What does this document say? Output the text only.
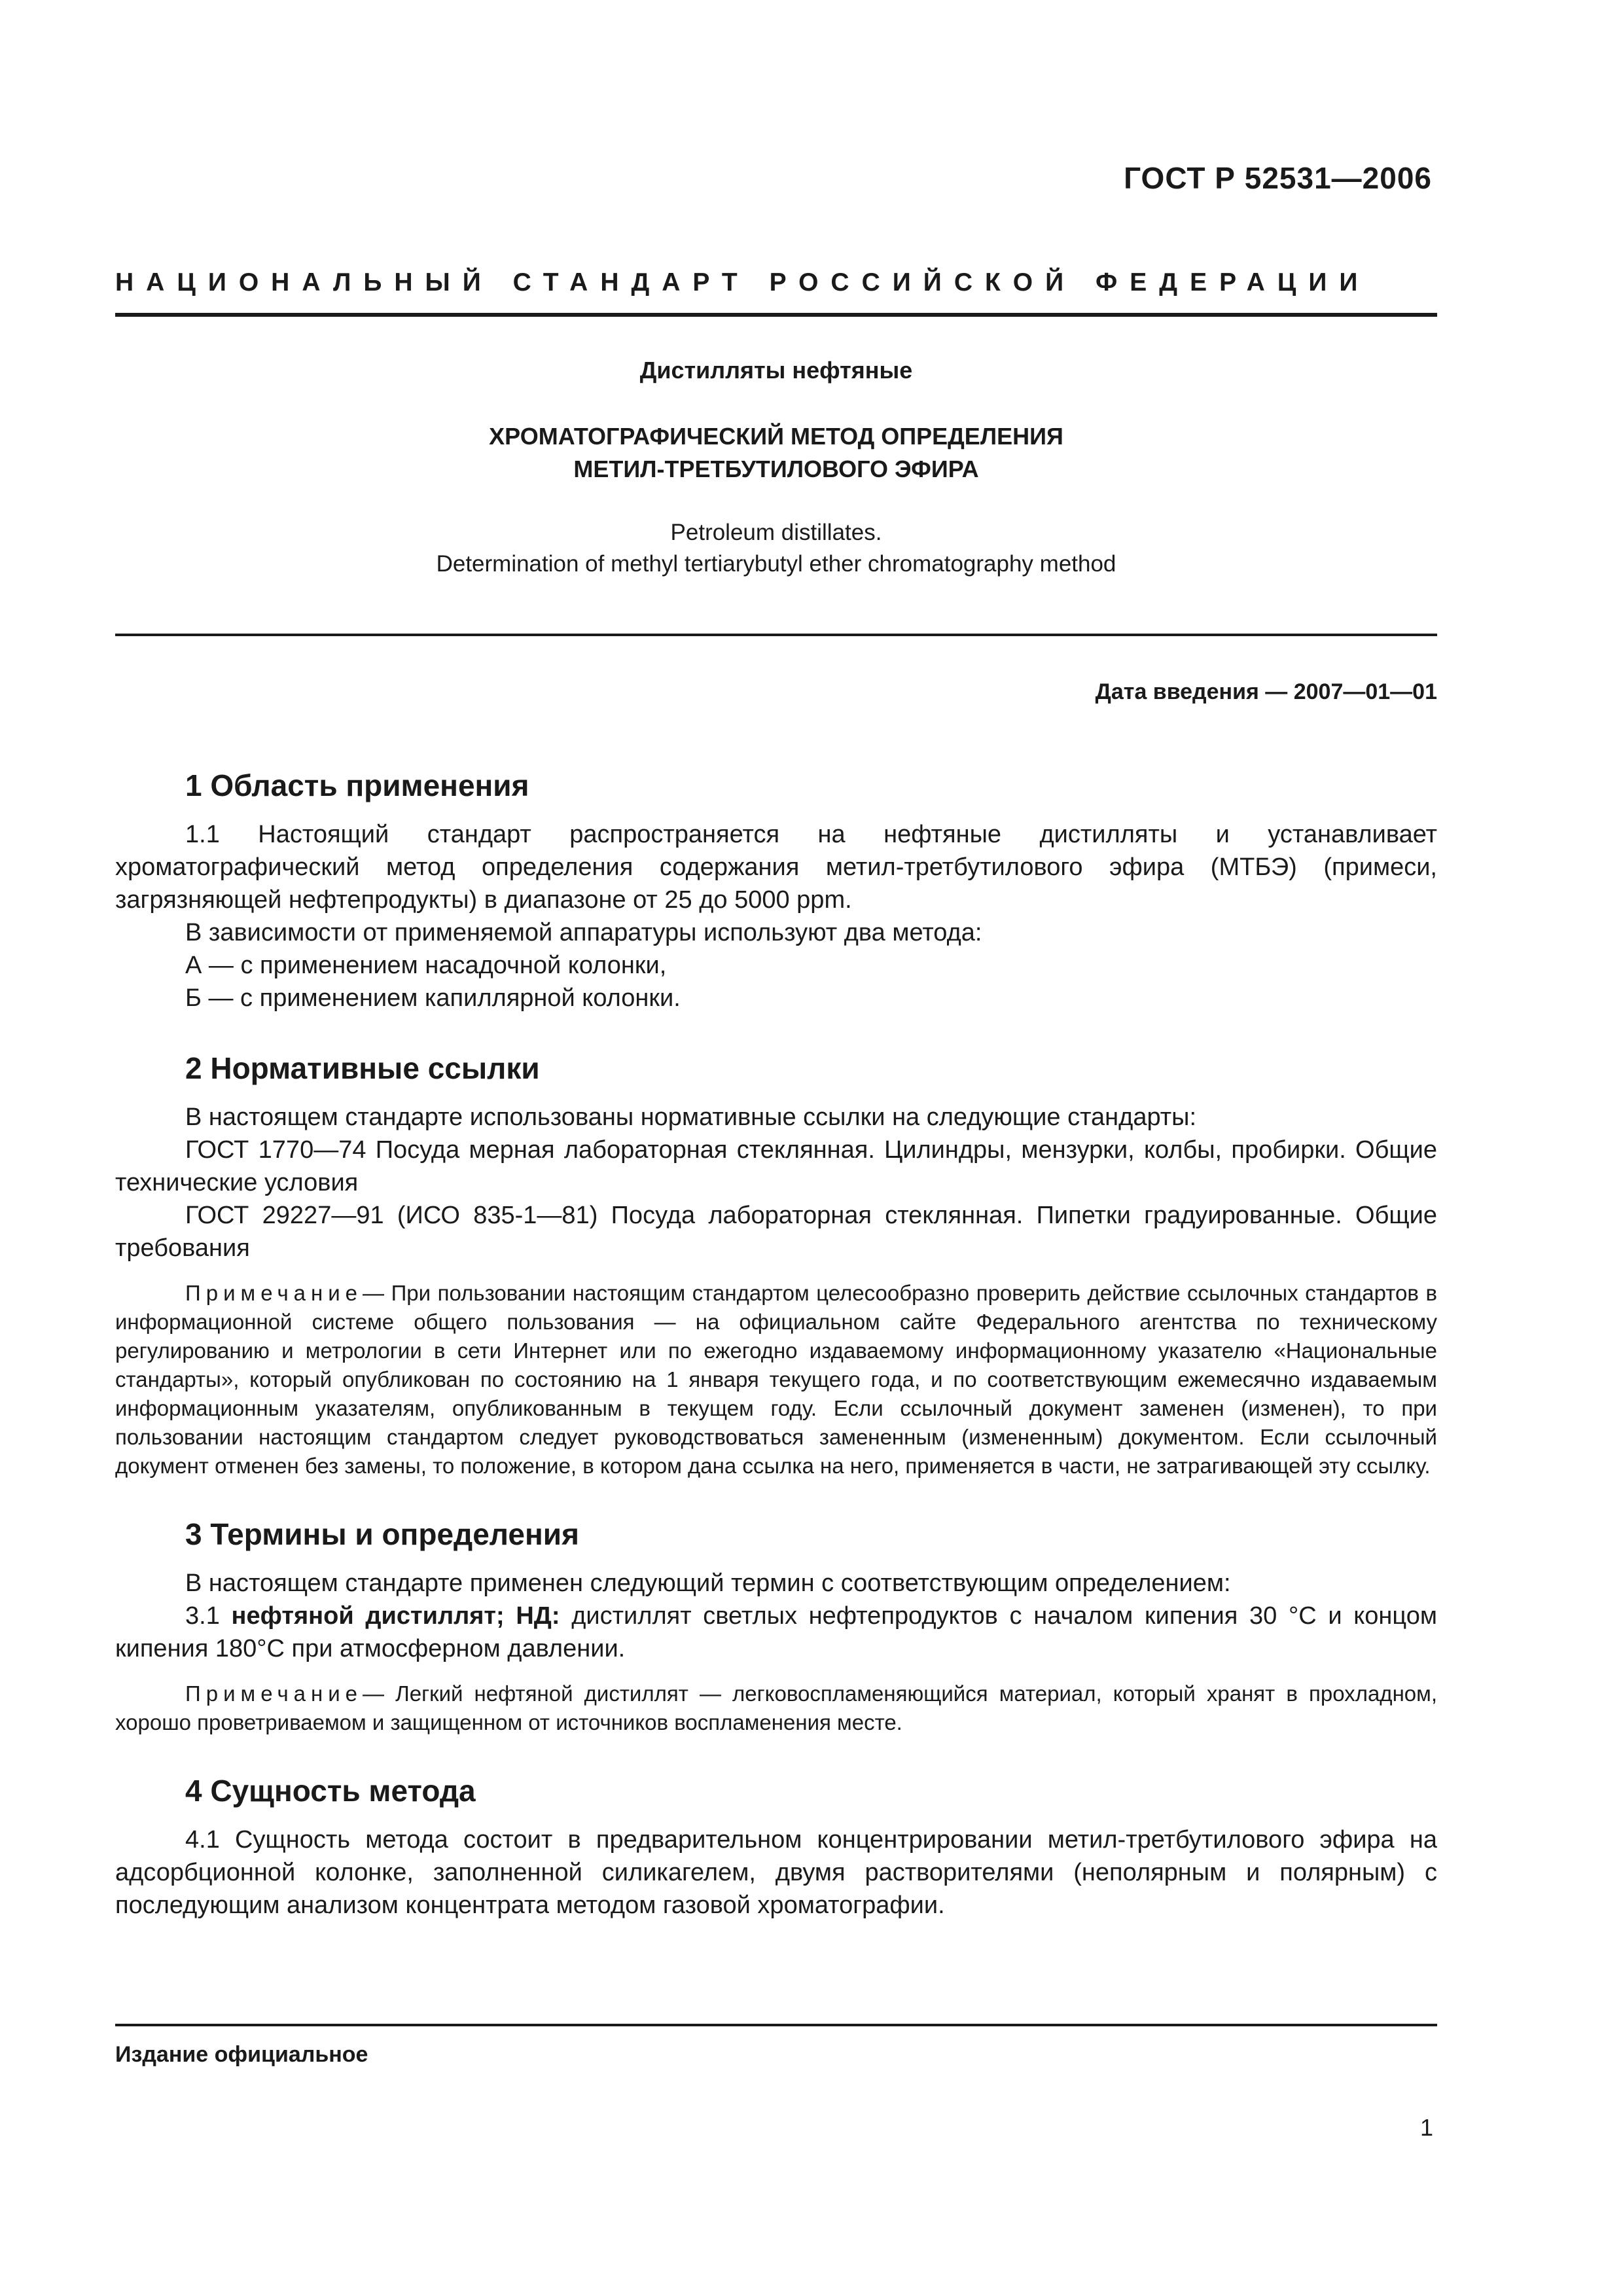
ГОСТ Р 52531—2006
НАЦИОНАЛЬНЫЙ СТАНДАРТ РОССИЙСКОЙ ФЕДЕРАЦИИ
Дистилляты нефтяные
ХРОМАТОГРАФИЧЕСКИЙ МЕТОД ОПРЕДЕЛЕНИЯ
МЕТИЛ-ТРЕТБУТИЛОВОГО ЭФИРА
Petroleum distillates.
Determination of methyl tertiarybutyl ether chromatography method
Дата введения — 2007—01—01
1 Область применения

1.1 Настоящий стандарт распространяется на нефтяные дистилляты и устанавливает хроматографический метод определения содержания метил-третбутилового эфира (МТБЭ) (примеси, загрязняющей нефтепродукты) в диапазоне от 25 до 5000 ppm.

В зависимости от применяемой аппаратуры используют два метода:

А — с применением насадочной колонки,

Б — с применением капиллярной колонки.

2 Нормативные ссылки

В настоящем стандарте использованы нормативные ссылки на следующие стандарты:

ГОСТ 1770—74 Посуда мерная лабораторная стеклянная. Цилиндры, мензурки, колбы, пробирки. Общие технические условия

ГОСТ 29227—91 (ИСО 835-1—81) Посуда лабораторная стеклянная. Пипетки градуированные. Общие требования

Примечание— При пользовании настоящим стандартом целесообразно проверить действие ссылочных стандартов в информационной системе общего пользования — на официальном сайте Федерального агентства по техническому регулированию и метрологии в сети Интернет или по ежегодно издаваемому информационному указателю «Национальные стандарты», который опубликован по состоянию на 1 января текущего года, и по соответствующим ежемесячно издаваемым информационным указателям, опубликованным в текущем году. Если ссылочный документ заменен (изменен), то при пользовании настоящим стандартом следует руководствоваться замененным (измененным) документом. Если ссылочный документ отменен без замены, то положение, в котором дана ссылка на него, применяется в части, не затрагивающей эту ссылку.
3 Термины и определения

В настоящем стандарте применен следующий термин с соответствующим определением:

3.1 нефтяной дистиллят; НД: дистиллят светлых нефтепродуктов с началом кипения 30 °С и концом кипения 180°С при атмосферном давлении.

Примечание— Легкий нефтяной дистиллят — легковоспламеняющийся материал, который хранят в прохладном, хорошо проветриваемом и защищенном от источников воспламенения месте.
4 Сущность метода

4.1 Сущность метода состоит в предварительном концентрировании метил-третбутилового эфира на адсорбционной колонке, заполненной силикагелем, двумя растворителями (неполярным и полярным) с последующим анализом концентрата методом газовой хроматографии.

Издание официальное
1
